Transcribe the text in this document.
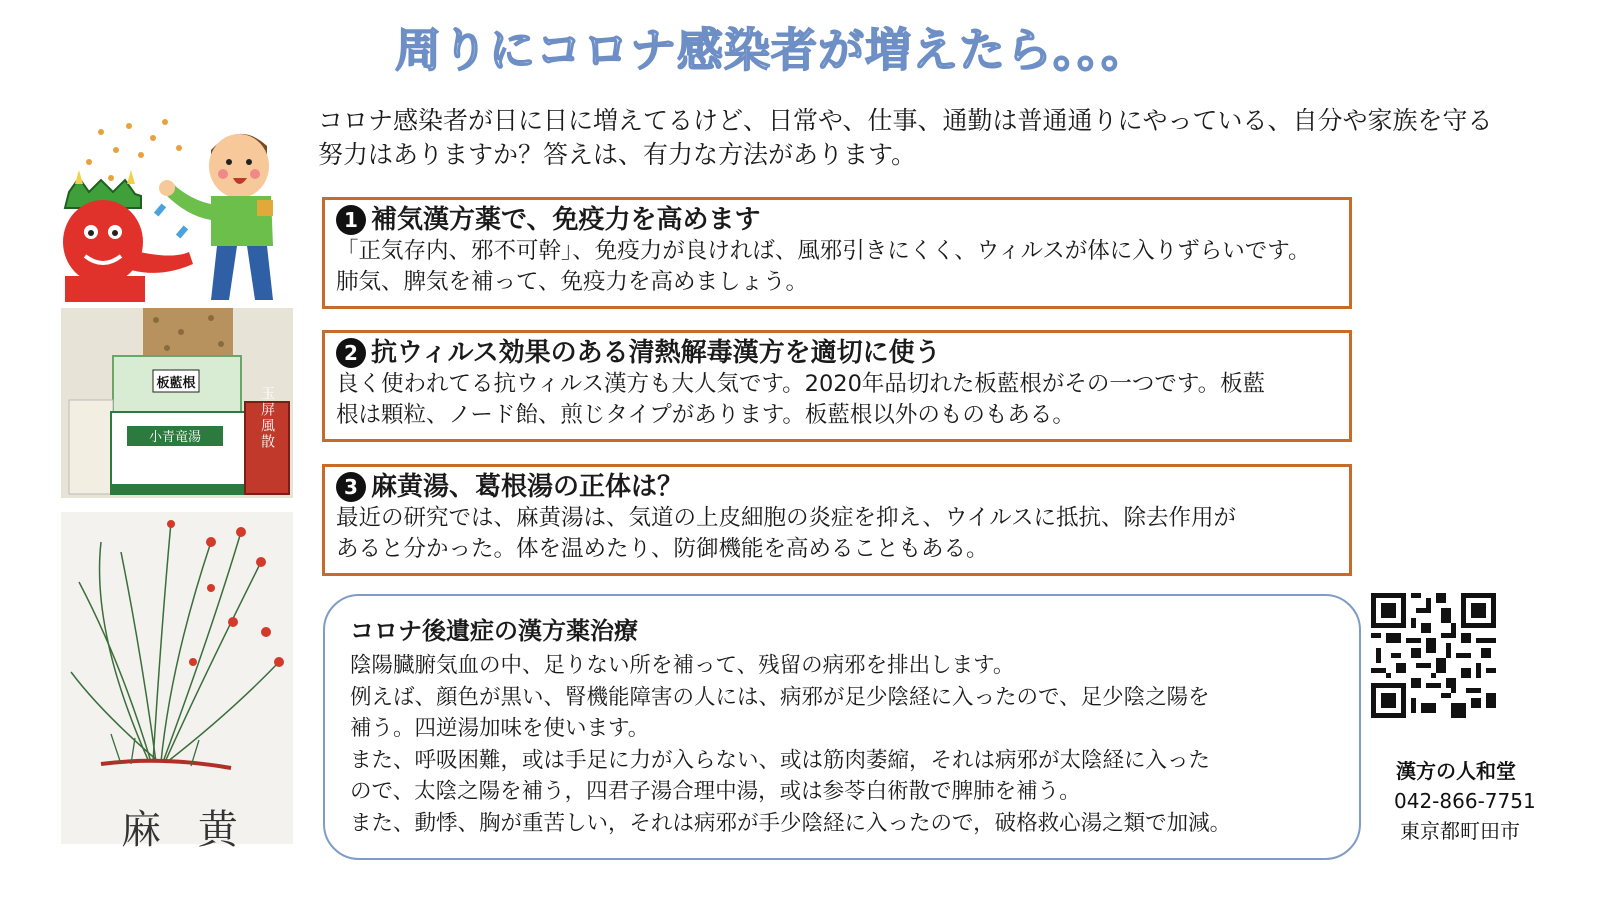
周りにコロナ感染者が増えたら。。。
コロナ感染者が日に日に増えてるけど、日常や、仕事、通勤は普通通りにやっている、自分や家族を守る努力はありますか？答えは、有力な方法があります。
板藍根
小青竜湯	玉屏風散
麻 黄
1 補気漢方薬で、免疫力を高めます

「正気存内、邪不可幹」、免疫力が良ければ、風邪引きにくく、ウィルスが体に入りずらいです。

肺気、脾気を補って、免疫力を高めましょう。

2 抗ウィルス効果のある清熱解毒漢方を適切に使う

良く使われてる抗ウィルス漢方も大人気です。2020年品切れた板藍根がその一つです。板藍

根は顆粒、ノード飴、煎じタイプがあります。板藍根以外のものもある。

3 麻黄湯、葛根湯の正体は？

最近の研究では、麻黄湯は、気道の上皮細胞の炎症を抑え、ウイルスに抵抗、除去作用が

あると分かった。体を温めたり、防御機能を高めることもある。

コロナ後遺症の漢方薬治療

陰陽臓腑気血の中、足りない所を補って、残留の病邪を排出します。

例えば、顔色が黒い、腎機能障害の人には、病邪が足少陰経に入ったので、足少陰之陽を

補う。四逆湯加味を使います。

また、呼吸困難，或は手足に力が入らない、或は筋肉萎縮，それは病邪が太陰経に入った

ので、太陰之陽を補う，四君子湯合理中湯，或は参苓白術散で脾肺を補う。

また、動悸、胸が重苦しい，それは病邪が手少陰経に入ったので，破格救心湯之類で加減。

漢方の人和堂
042-866-7751
東京都町田市
